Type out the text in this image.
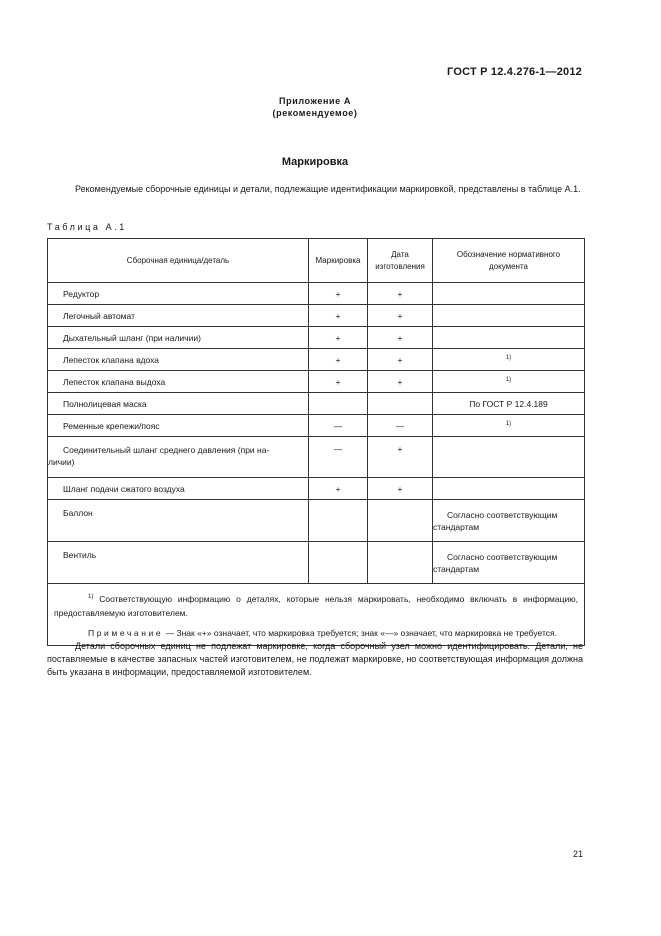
ГОСТ Р 12.4.276-1—2012
Приложение А
(рекомендуемое)
Маркировка
Рекомендуемые сборочные единицы и детали, подлежащие идентификации маркировкой, представлены в таблице А.1.
Таблица А.1
Сборочная единица/деталь	Маркировка	Дата изготовления	Обозначение нормативного документа
Редуктор	+	+	
Легочный автомат	+	+	
Дыхательный шланг (при наличии)	+	+	
Лепесток клапана вдоха	+	+	$^{1)}$
Лепесток клапана выдоха	+	+	$^{1)}$
Полнолицевая маска			По ГОСТ Р 12.4.189
Ременные крепежи/пояс	—	—	$^{1)}$

Соединительный шланг среднего давления (при на-
личии)	—	+	
Шланг подачи сжатого воздуха	+	+	
Баллон			Согласно соответствующим
стандартам

Вентиль			Согласно соответствующим
стандартам

$^{1)}$ Соответствующую информацию о деталях, которые нельзя маркировать, необходимо включать в информацию, предоставляемую изготовителем.
Примечание — Знак «+» означает, что маркировка требуется; знак «—» означает, что маркировка не требуется.			
Детали сборочных единиц не подлежат маркировке, когда сборочный узел можно идентифицировать. Детали, не поставляемые в качестве запасных частей изготовителем, не подлежат маркировке, но соответствующая информация должна быть указана в информации, предоставляемой изготовителем.
21
